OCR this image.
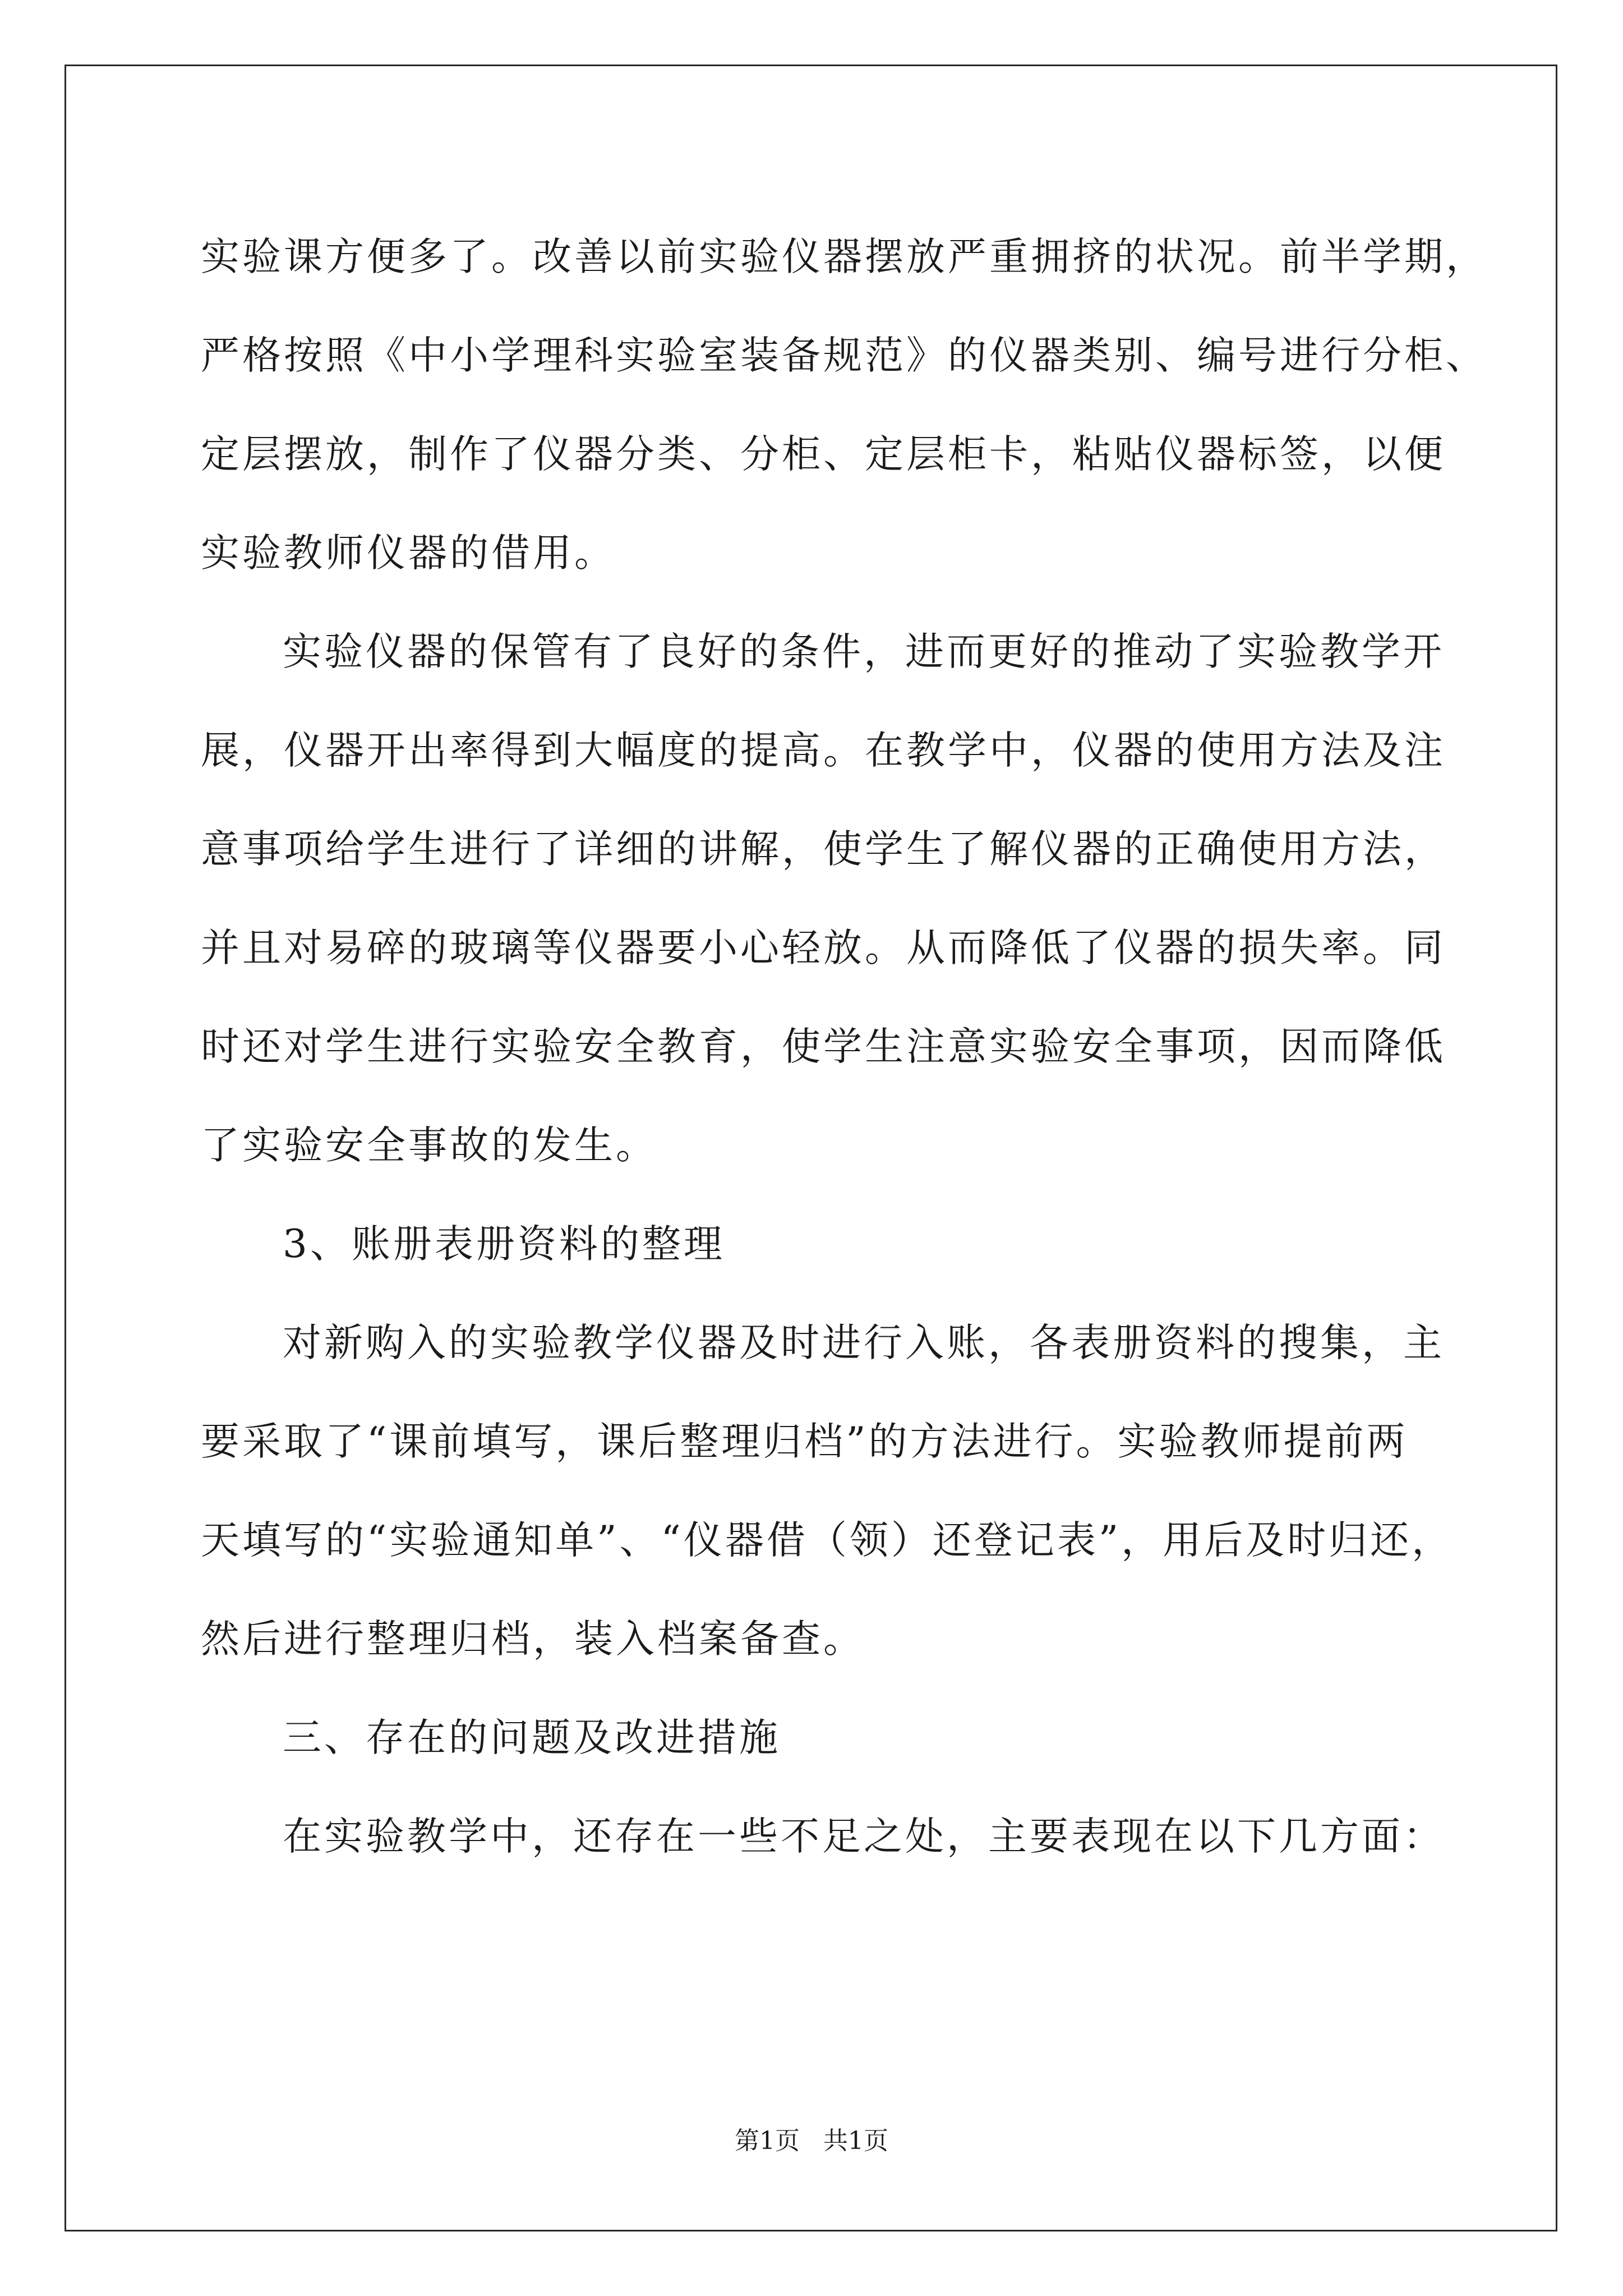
实验课方便多了。改善以前实验仪器摆放严重拥挤的状况。前半学期，
严格按照《中小学理科实验室装备规范》的仪器类别、编号进行分柜、
定层摆放，制作了仪器分类、分柜、定层柜卡，粘贴仪器标签，以便
实验教师仪器的借用。

实验仪器的保管有了良好的条件，进而更好的推动了实验教学开
展，仪器开出率得到大幅度的提高。在教学中，仪器的使用方法及注
意事项给学生进行了详细的讲解，使学生了解仪器的正确使用方法，
并且对易碎的玻璃等仪器要小心轻放。从而降低了仪器的损失率。同
时还对学生进行实验安全教育，使学生注意实验安全事项，因而降低
了实验安全事故的发生。

3、账册表册资料的整理

对新购入的实验教学仪器及时进行入账，各表册资料的搜集，主
要采取了“课前填写，课后整理归档”的方法进行。实验教师提前两
天填写的“实验通知单”、“仪器借（领）还登记表”，用后及时归还，
然后进行整理归档，装入档案备查。

三、存在的问题及改进措施

在实验教学中，还存在一些不足之处，主要表现在以下几方面：

第1页 共1页
